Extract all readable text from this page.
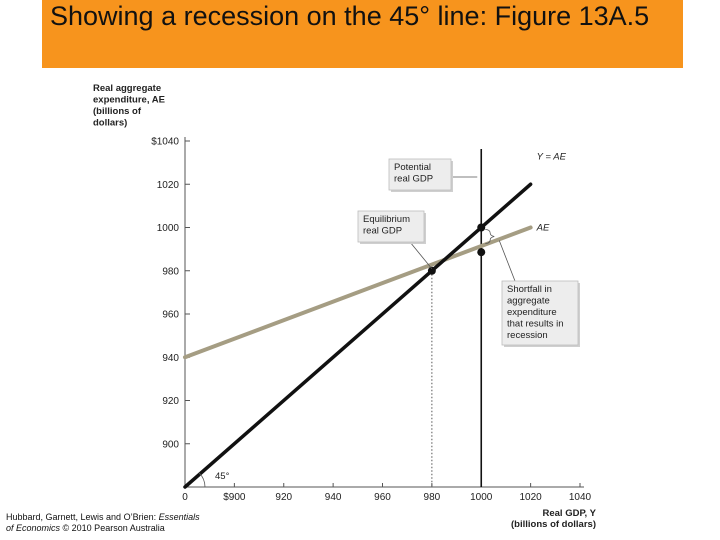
Showing a recession on the 45° line: Figure 13A.5
Real aggregate
expenditure, AE
(billions of
dollars)
900
920
940
960
980
1000
1020
$1040
0	$900	920	940	960	980	1000	1020	1040
Real GDP, Y
(billions of dollars)
AE
Y = AE
45°
Potential
real GDP
Equilibrium
real GDP
Shortfall in
aggregate
expenditure
that results in
recession
Hubbard, Garnett, Lewis and O’Brien: Essentials
of Economics © 2010 Pearson Australia
